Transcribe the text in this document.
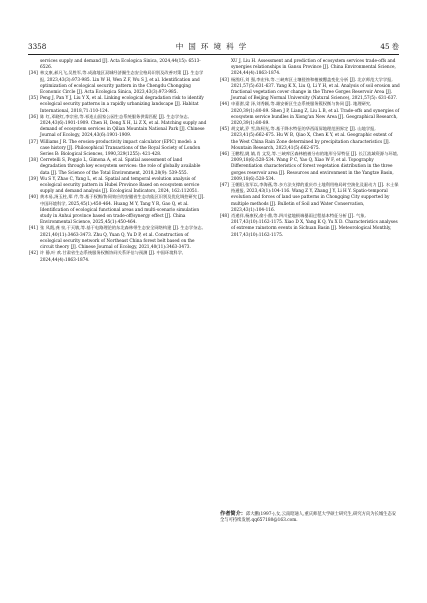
3358	中国环境科学	45 卷

services supply and demand [J]. Acta Ecologica Sinica, 2024,44(15): 6513-6526.

[34] 林文康,郝凡飞,吴胜军,等.成渝地区双城经济圈生态安全格局识别及改善对策 [J]. 生态学报, 2023,43(3):973-985. Lin W H, Wen Z F, Wu S J, et al. Identification and optimization of ecological security pattern in the Chengdu Chongqing Economic Circle [J]. Acta Ecologica Sinica, 2023,43(3):973-985.

[35] Peng J, Pan Y J, Liu Y X, et al. Linking ecological degradation risk to identify ecological security patterns in a rapidly urbanizing landscape [J]. Habitat International, 2018,71:110-124.

[36] 陈 红,邓晓红,李宗省,等.祁连山国家公园生态系统服务供需匹配 [J]. 生态学杂志, 2024,43(6):1901-1909. Chen H, Deng X H, Li Z X, et al. Matching supply and demand of ecosystem services in Qilian Mountain National Park [J]. Chinese Journal of Ecology, 2024,43(6):1901-1909.

[37] Williams J R. The erosion-productivity impact calculator (EPIC) model: a case history [J]. Philosophical Transactions of the Royal Society of London Series B: Biological Sciences, 1990,329(1255): 421-428.

[38] Cerretelli S, Poggio L, Gimona A, et al. Spatial assessment of land degradation through key ecosystem services: the role of globally available data [J]. The Science of the Total Environment, 2018,28(9): 539-555.

[39] Wu S Y, Zhao C, Yang L, et al. Spatial and temporal evolution analysis of ecological security pattern in Hubei Province Based on ecosystem service supply and demand analysis [J]. Ecological Indicators, 2024, 162:112051.

[40] 黄木易,汤玉柱,郑 芹,等.基于权衡/协同效应的安徽省生态功能区识别及优化调控研究 [J]. 中国环境科学, 2025,45(1):450-464. Huang M Y, Tang Y R, Gao Q, et al. Identification of ecological functional areas and multi-scenario simulation study in Anhui province based on trade-off/synergy effect [J]. China Environmental Science, 2025,45(1):450-464.

[41] 张 凤霞,龚 泉,于天敏,等.基于电路理论的东北森林带生态安全网络构建 [J]. 生态学杂志, 2021,40(11):3463-3473. Zhu Q, Yuan Q, Yu D P, et al. Construction of ecological security network of Northeast China forest belt based on the circuit theory [J]. Chinese Journal of Ecology, 2021,40(11):3463-3473.

[42] 许 静,叶 欢.甘肃省生态系统服务权衡协同关系评估与预测 [J]. 中国环境科学, 2024,44(4):1863-1874.

XU J, Liu H. Assessment and prediction of ecosystem services trade-offs and synergies relationships in Gansu Province [J]. China Environmental Science, 2024,44(4):1863-1874.

[43] 杨凯旺,刘 强,李宏伟,等.三峡库区土壤侵蚀和植被覆盖变化分析 [J]. 北京师范大学学报, 2021,57(5):631-637. Yang K X, Liu Q, Li Y H, et al. Analysis of soil erosion and fractional vegetation cover change in the Three Gorges Reservoir Area [J]. Journal of Beijing Normal University (Natural Science), 2021,57(5): 631-637.

[44] 申嘉澍,梁 泽,刘秀颖,等.雄安新区生态系统服务簇权衡与协同 [J]. 地理研究, 2020,39(1):80-89. Shen J P, Liang Z, Liu L B, et al. Trade-offs and synergies of ecosystem service bundles in Xiong'an New Area [J]. Geographical Research, 2020,39(1):80-89.

[45] 胡文斌,乔 雪,陈柯光,等.基于降水特征的华西雨屏地理范围界定 [J]. 山地学报, 2023,41(5):662-675. Hu W B, Qiao X, Chen K Y, et al. Geographic extent of the West China Rain Zone determined by precipitation characteristics [J]. Mountain Research, 2023,41(5):662-675.

[46] 王鹏程,姚 婧,肖 文发,等.三峡库区森林植被分布的地形分异特征 [J]. 长江流域资源与环境, 2009,18(6):528-534. Wang P C, Yao Q, Xiao W F, et al. Topography Differentiation characteristics of forest vegetation distribution in the three gorges reservoir area [J]. Resources and environment in the Yangtze Basin, 2009,18(6):528-534.

[47] 王朝阳,张军以,李海燕,等.多方法支撑的重庆市土地利用格局时空演化及驱动力 [J]. 水土保持通报, 2023,43(1):104-116. Wang Z Y, Zhang J Y, Li H Y. Spatio-temporal evolution and forces of land use patterns in Chongqing City supported by multiple methods [J]. Bulletin of Soil and Water Conservation, 2023,43(1):104-116.

[48] 肖递祥,杨康权,俞小鼎,等.四川盆地极端暴雨过程基本特征分析 [J]. 气象, 2017,43(10):1162-1175. Xiao D X, Yang K Q, Yu X D. Characteristics analyses of extreme rainstorm events in Sichuan Basin [J]. Meteorological Monthly, 2017,43(10):1162-1175.

作者简介：邱大鹏(1997-),女,云南昭通人,重庆师范大学硕士研究生,研究方向为长城生态安全与可持续发展.qq657180@163.com.
